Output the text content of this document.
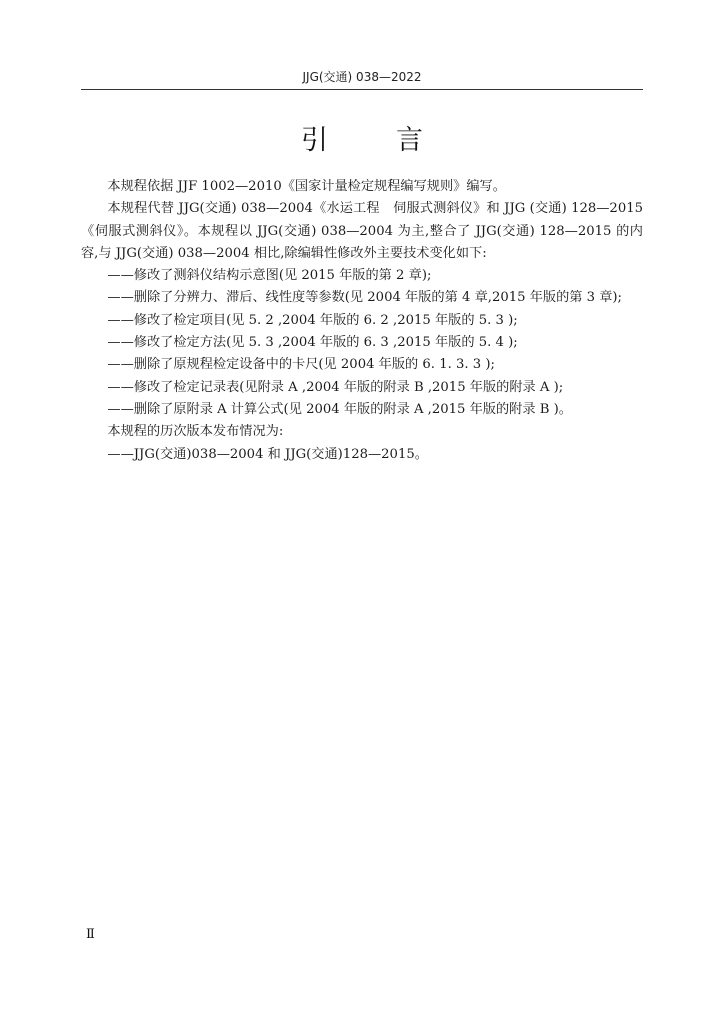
JJG(交通) 038—2022
引言

本规程依据 JJF 1002—2010《国家计量检定规程编写规则》编写。

本规程代替 JJG(交通) 038—2004《水运工程　伺服式测斜仪》和 JJG (交通) 128—2015《伺服式测斜仪》。本规程以 JJG(交通) 038—2004 为主,整合了 JJG(交通) 128—2015 的内容,与 JJG(交通) 038—2004 相比,除编辑性修改外主要技术变化如下:

——修改了测斜仪结构示意图(见 2015 年版的第 2 章);

——删除了分辨力、滞后、线性度等参数(见 2004 年版的第 4 章,2015 年版的第 3 章);

——修改了检定项目(见 5. 2 ,2004 年版的 6. 2 ,2015 年版的 5. 3 );

——修改了检定方法(见 5. 3 ,2004 年版的 6. 3 ,2015 年版的 5. 4 );

——删除了原规程检定设备中的卡尺(见 2004 年版的 6. 1. 3. 3 );

——修改了检定记录表(见附录 A ,2004 年版的附录 B ,2015 年版的附录 A );

——删除了原附录 A 计算公式(见 2004 年版的附录 A ,2015 年版的附录 B )。

本规程的历次版本发布情况为:

——JJG(交通)038—2004 和 JJG(交通)128—2015。

Ⅱ
